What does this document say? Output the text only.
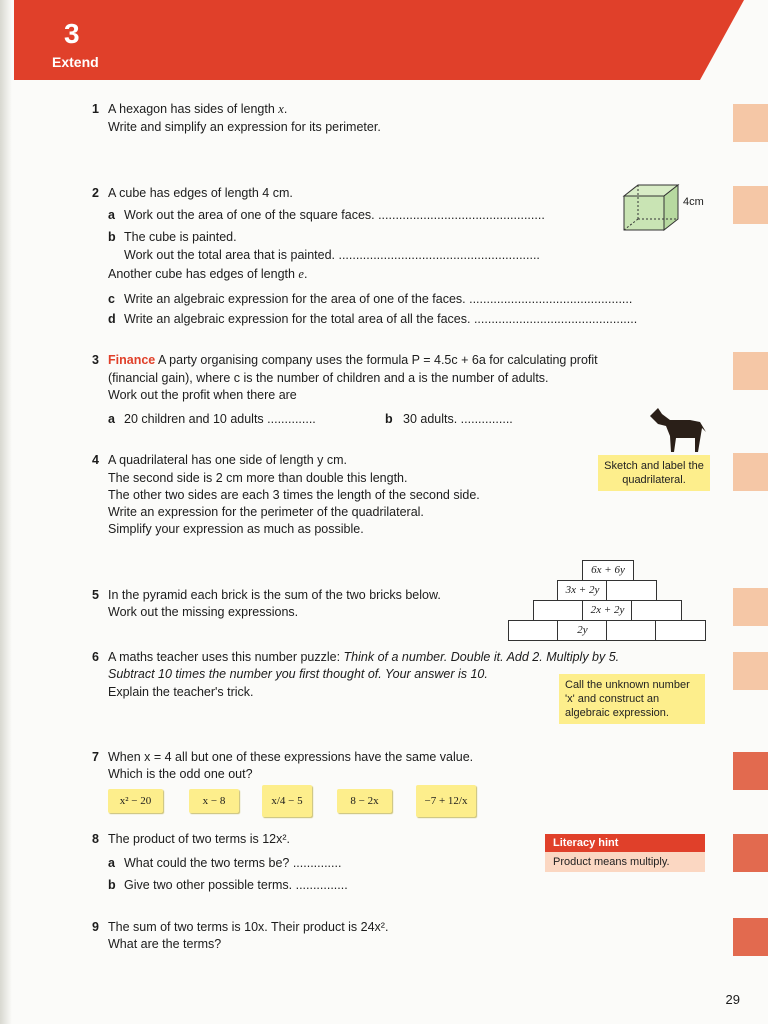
3
Extend
1 A hexagon has sides of length x.
Write and simplify an expression for its perimeter.
2 A cube has edges of length 4 cm.
4cm
a Work out the area of one of the square faces. ................................................
b The cube is painted.
Work out the total area that is painted. ..........................................................
Another cube has edges of length e.
c Write an algebraic expression for the area of one of the faces. ...............................................
d Write an algebraic expression for the total area of all the faces. ...............................................
3 Finance A party organising company uses the formula P = 4.5c + 6a for calculating profit
(financial gain), where c is the number of children and a is the number of adults.
Work out the profit when there are
a 20 children and 10 adults ..............	b 30 adults. ...............
4 A quadrilateral has one side of length y cm.
The second side is 2 cm more than double this length.
The other two sides are each 3 times the length of the second side.
Write an expression for the perimeter of the quadrilateral.
Simplify your expression as much as possible.
Sketch and label the quadrilateral.
5 In the pyramid each brick is the sum of the two bricks below.
Work out the missing expressions.
6x + 6y
3x + 2y
2x + 2y
2y
6 A maths teacher uses this number puzzle: Think of a number. Double it. Add 2. Multiply by 5.
Subtract 10 times the number you first thought of. Your answer is 10.
Explain the teacher's trick.	Call the unknown number 'x' and construct an algebraic expression.
7 When x = 4 all but one of these expressions have the same value.
Which is the odd one out?
x² − 20	x − 8	x/4 − 5	8 − 2x	−7 + 12/x
8 The product of two terms is 12x².
a What could the two terms be? ..............
b Give two other possible terms. ...............
Literacy hint
Product means multiply.
9 The sum of two terms is 10x. Their product is 24x².
What are the terms?
29
